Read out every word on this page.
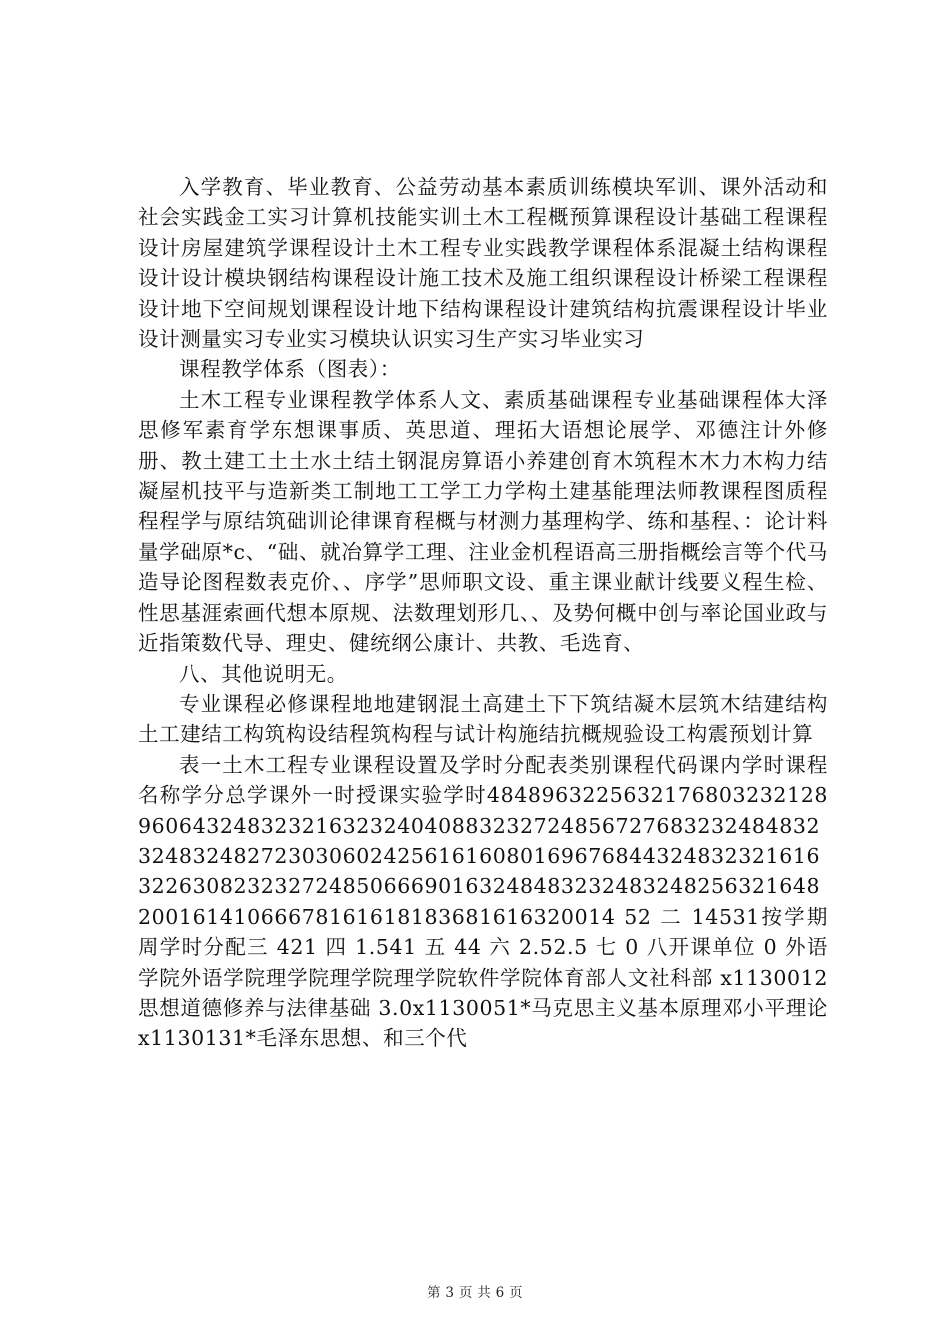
入学教育、毕业教育、公益劳动基本素质训练模块军训、课外活动和社会实践金工实习计算机技能实训土木工程概预算课程设计基础工程课程设计房屋建筑学课程设计土木工程专业实践教学课程体系混凝土结构课程设计设计模块钢结构课程设计施工技术及施工组织课程设计桥梁工程课程设计地下空间规划课程设计地下结构课程设计建筑结构抗震课程设计毕业设计测量实习专业实习模块认识实习生产实习毕业实习

课程教学体系（图表）：

土木工程专业课程教学体系人文、素质基础课程专业基础课程体大泽思修军素育学东想课事质、英思道、理拓大语想论展学、邓德注计外修册、教土建工土土水土结土钢混房算语小养建创育木筑程木木力木构力结凝屋机技平与造新类工制地工工学工力学构土建基能理法师教课程图质程程程学与原结筑础训论律课育程概与材测力基理构学、练和基程、：论计料量学础原*c、“础、就冶算学工理、注业金机程语高三册指概绘言等个代马造导论图程数表克价、、序学”思师职文设、重主课业献计线要义程生检、性思基涯索画代想本原规、法数理划形几、、及势何概中创与率论国业政与近指策数代导、理史、健统纲公康计、共教、毛选育、

八、其他说明无。

专业课程必修课程地地建钢混土高建土下下筑结凝木层筑木结建结构土工建结工构筑构设结程筑构程与试计构施结抗概规验设工构震预划计算

表一土木工程专业课程设置及学时分配表类别课程代码课内学时课程名称学分总学课外一时授课实验学时484896322563217680323212896064324832321632324040883232724856727683232484832324832482723030602425616160801696768443248323216163226308232327248506669016324848323248324825632164820016141066678161618183681616320014 52 二 14531按学期周学时分配三 421 四 1.541 五 44 六 2.52.5 七 0 八开课单位 0 外语学院外语学院理学院理学院理学院软件学院体育部人文社科部 x1130012 思想道德修养与法律基础 3.0x1130051*马克思主义基本原理邓小平理论 x1130131*毛泽东思想、和三个代

第 3 页 共 6 页
